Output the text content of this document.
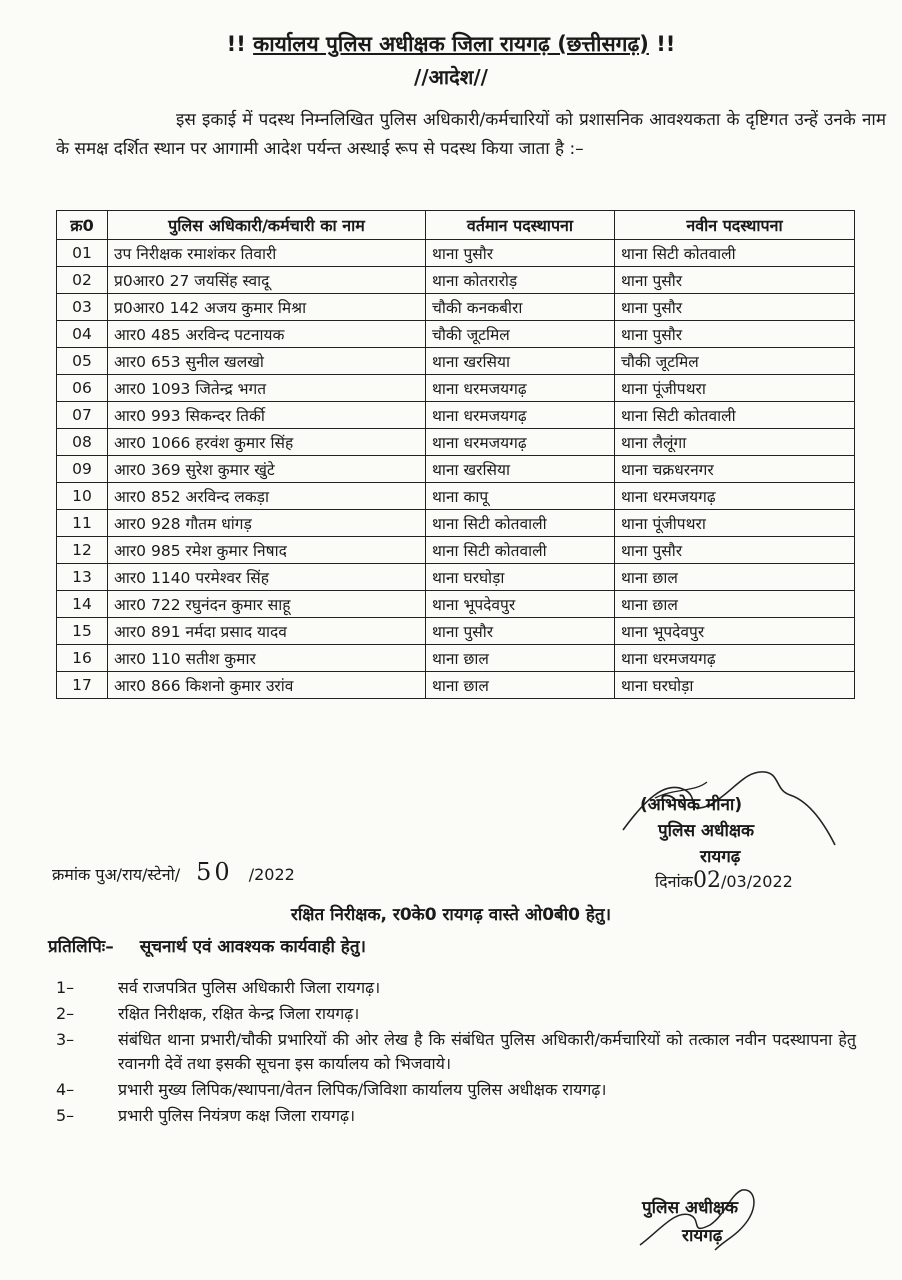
!! कार्यालय पुलिस अधीक्षक जिला रायगढ़ (छत्तीसगढ़) !!
//आदेश//
इस इकाई में पदस्थ निम्नलिखित पुलिस अधिकारी/कर्मचारियों को प्रशासनिक आवश्यकता के दृष्टिगत उन्हें उनके नाम के समक्ष दर्शित स्थान पर आगामी आदेश पर्यन्त अस्थाई रूप से पदस्थ किया जाता है :–
क्र0	पुलिस अधिकारी/कर्मचारी का नाम	वर्तमान पदस्थापना	नवीन पदस्थापना
01	उप निरीक्षक रमाशंकर तिवारी	थाना पुसौर	थाना सिटी कोतवाली
02	प्र0आर0 27 जयसिंह स्वादू	थाना कोतरारोड़	थाना पुसौर
03	प्र0आर0 142 अजय कुमार मिश्रा	चौकी कनकबीरा	थाना पुसौर
04	आर0 485 अरविन्द पटनायक	चौकी जूटमिल	थाना पुसौर
05	आर0 653 सुनील खलखो	थाना खरसिया	चौकी जूटमिल
06	आर0 1093 जितेन्द्र भगत	थाना धरमजयगढ़	थाना पूंजीपथरा
07	आर0 993 सिकन्दर तिर्की	थाना धरमजयगढ़	थाना सिटी कोतवाली
08	आर0 1066 हरवंश कुमार सिंह	थाना धरमजयगढ़	थाना लैलूंगा
09	आर0 369 सुरेश कुमार खुंटे	थाना खरसिया	थाना चक्रधरनगर
10	आर0 852 अरविन्द लकड़ा	थाना कापू	थाना धरमजयगढ़
11	आर0 928 गौतम धांगड़	थाना सिटी कोतवाली	थाना पूंजीपथरा
12	आर0 985 रमेश कुमार निषाद	थाना सिटी कोतवाली	थाना पुसौर
13	आर0 1140 परमेश्वर सिंह	थाना घरघोड़ा	थाना छाल
14	आर0 722 रघुनंदन कुमार साहू	थाना भूपदेवपुर	थाना छाल
15	आर0 891 नर्मदा प्रसाद यादव	थाना पुसौर	थाना भूपदेवपुर
16	आर0 110 सतीश कुमार	थाना छाल	थाना धरमजयगढ़
17	आर0 866 किशनो कुमार उरांव	थाना छाल	थाना घरघोड़ा
(अभिषेक मीना)
पुलिस अधीक्षक
रायगढ़
क्रमांक पुअ/राय/स्टेनो/ 50 /2022	दिनांक02/03/2022
रक्षित निरीक्षक, र0के0 रायगढ़ वास्ते ओ0बी0 हेतु।
प्रतिलिपिः– सूचनार्थ एवं आवश्यक कार्यवाही हेतु।
1–	सर्व राजपत्रित पुलिस अधिकारी जिला रायगढ़।
2–	रक्षित निरीक्षक, रक्षित केन्द्र जिला रायगढ़।
3–	संबंधित थाना प्रभारी/चौकी प्रभारियों की ओर लेख है कि संबंधित पुलिस अधिकारी/कर्मचारियों को तत्काल नवीन पदस्थापना हेतु रवानगी देवें तथा इसकी सूचना इस कार्यालय को भिजवाये।
4–	प्रभारी मुख्य लिपिक/स्थापना/वेतन लिपिक/जिविशा कार्यालय पुलिस अधीक्षक रायगढ़।
5–	प्रभारी पुलिस नियंत्रण कक्ष जिला रायगढ़।
पुलिस अधीक्षक
रायगढ़
